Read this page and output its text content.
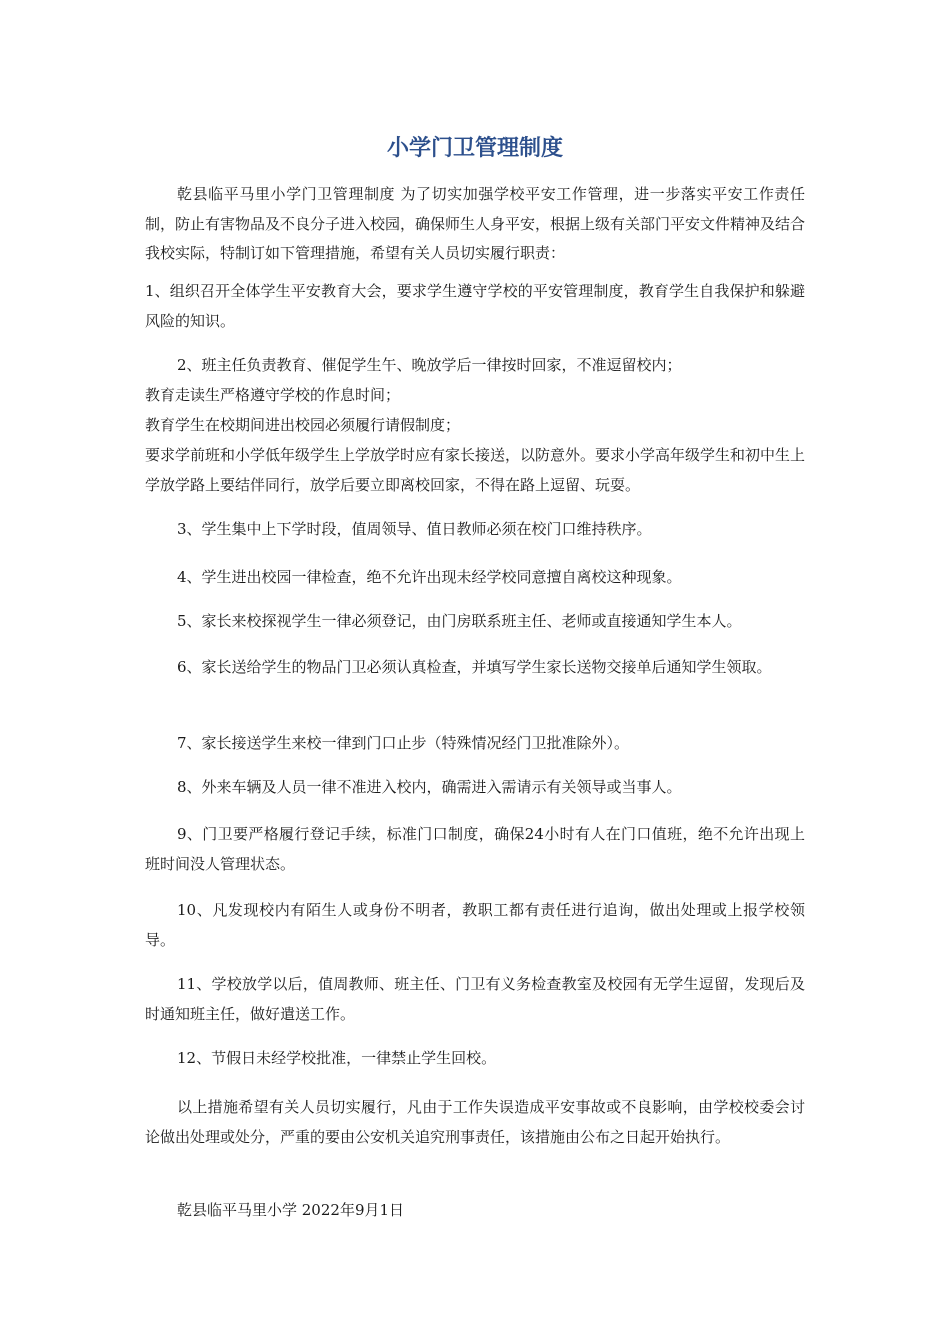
小学门卫管理制度

乾县临平马里小学门卫管理制度 为了切实加强学校平安工作管理，进一步落实平安工作责任制，防止有害物品及不良分子进入校园，确保师生人身平安，根据上级有关部门平安文件精神及结合我校实际，特制订如下管理措施，希望有关人员切实履行职责：

1、组织召开全体学生平安教育大会，要求学生遵守学校的平安管理制度，教育学生自我保护和躲避风险的知识。

2、班主任负责教育、催促学生午、晚放学后一律按时回家，不准逗留校内；

教育走读生严格遵守学校的作息时间；

教育学生在校期间进出校园必须履行请假制度；

要求学前班和小学低年级学生上学放学时应有家长接送，以防意外。要求小学高年级学生和初中生上学放学路上要结伴同行，放学后要立即离校回家，不得在路上逗留、玩耍。

3、学生集中上下学时段，值周领导、值日教师必须在校门口维持秩序。

4、学生进出校园一律检查，绝不允许出现未经学校同意擅自离校这种现象。

5、家长来校探视学生一律必须登记，由门房联系班主任、老师或直接通知学生本人。

6、家长送给学生的物品门卫必须认真检查，并填写学生家长送物交接单后通知学生领取。

7、家长接送学生来校一律到门口止步（特殊情况经门卫批准除外）。

8、外来车辆及人员一律不准进入校内，确需进入需请示有关领导或当事人。

9、门卫要严格履行登记手续，标准门口制度，确保24小时有人在门口值班，绝不允许出现上班时间没人管理状态。

10、凡发现校内有陌生人或身份不明者，教职工都有责任进行追询，做出处理或上报学校领导。

11、学校放学以后，值周教师、班主任、门卫有义务检查教室及校园有无学生逗留，发现后及时通知班主任，做好遣送工作。

12、节假日未经学校批准，一律禁止学生回校。

以上措施希望有关人员切实履行，凡由于工作失误造成平安事故或不良影响，由学校校委会讨论做出处理或处分，严重的要由公安机关追究刑事责任，该措施由公布之日起开始执行。

乾县临平马里小学 2022年9月1日
